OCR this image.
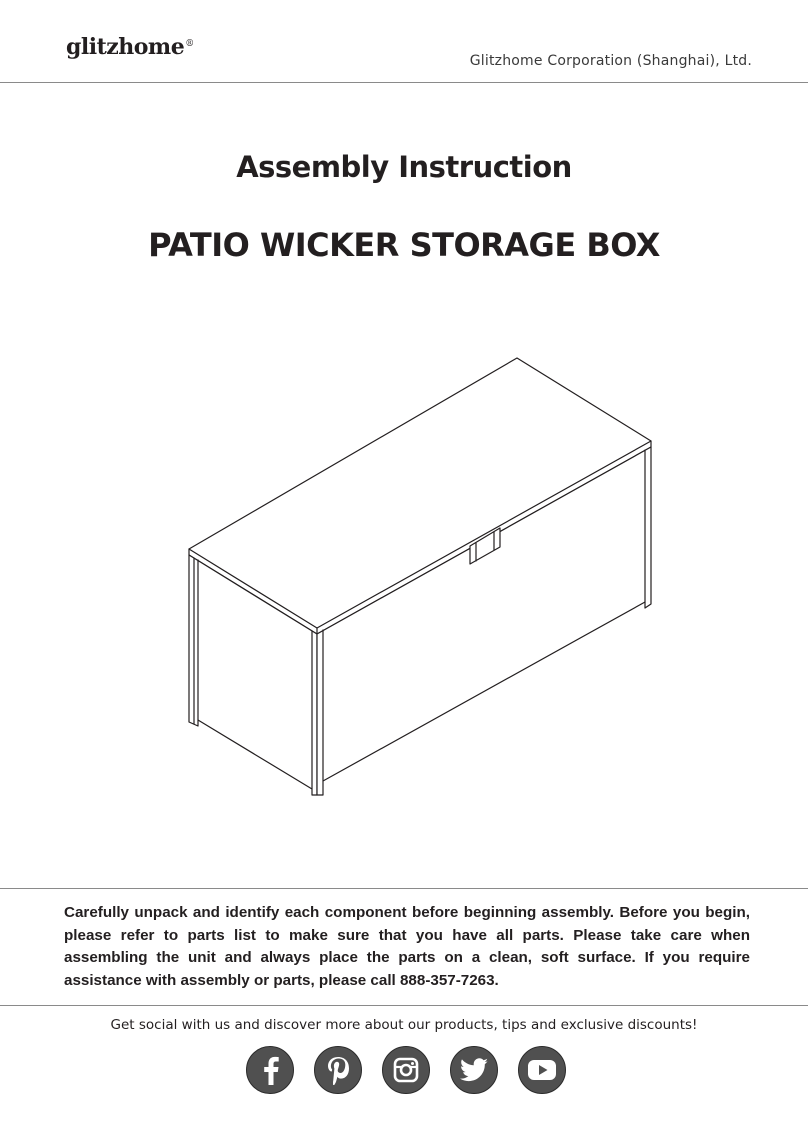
glitzhome®
Glitzhome Corporation (Shanghai), Ltd.
Assembly Instruction
PATIO WICKER STORAGE BOX
Carefully unpack and identify each component before beginning assembly. Before you begin, please refer to parts list to make sure that you have all parts. Please take care when assembling the unit and always place the parts on a clean, soft surface. If you require assistance with assembly or parts, please call 888-357-7263.
Get social with us and discover more about our products, tips and exclusive discounts!
